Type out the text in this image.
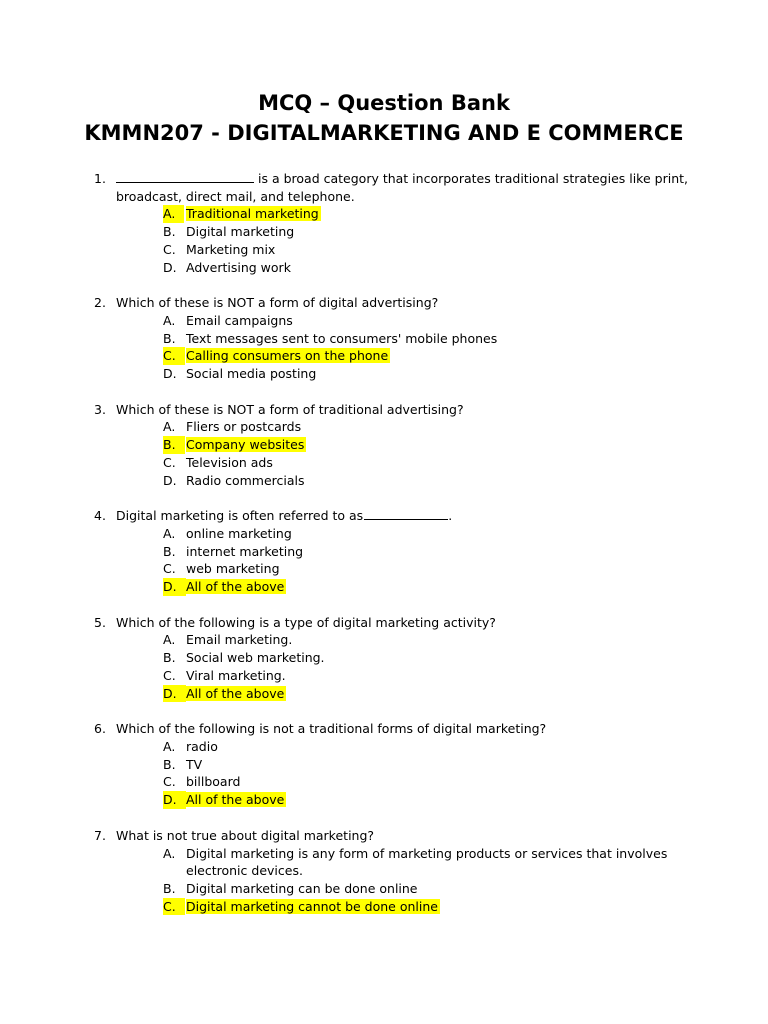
MCQ – Question Bank
KMMN207 - DIGITALMARKETING AND E COMMERCE
1.	is a broad category that incorporates traditional strategies like print, broadcast, direct mail, and telephone.
A. Traditional marketing
B. Digital marketing
C. Marketing mix
D. Advertising work
2. Which of these is NOT a form of digital advertising?
A. Email campaigns
B. Text messages sent to consumers' mobile phones
C. Calling consumers on the phone
D. Social media posting
3. Which of these is NOT a form of traditional advertising?
A. Fliers or postcards
B. Company websites
C. Television ads
D. Radio commercials
4. Digital marketing is often referred to as	.
A. online marketing
B. internet marketing
C. web marketing
D. All of the above
5. Which of the following is a type of digital marketing activity?
A. Email marketing.
B. Social web marketing.
C. Viral marketing.
D. All of the above
6. Which of the following is not a traditional forms of digital marketing?
A. radio
B. TV
C. billboard
D. All of the above
7. What is not true about digital marketing?
A. Digital marketing is any form of marketing products or services that involves electronic devices.
B. Digital marketing can be done online
C. Digital marketing cannot be done online
